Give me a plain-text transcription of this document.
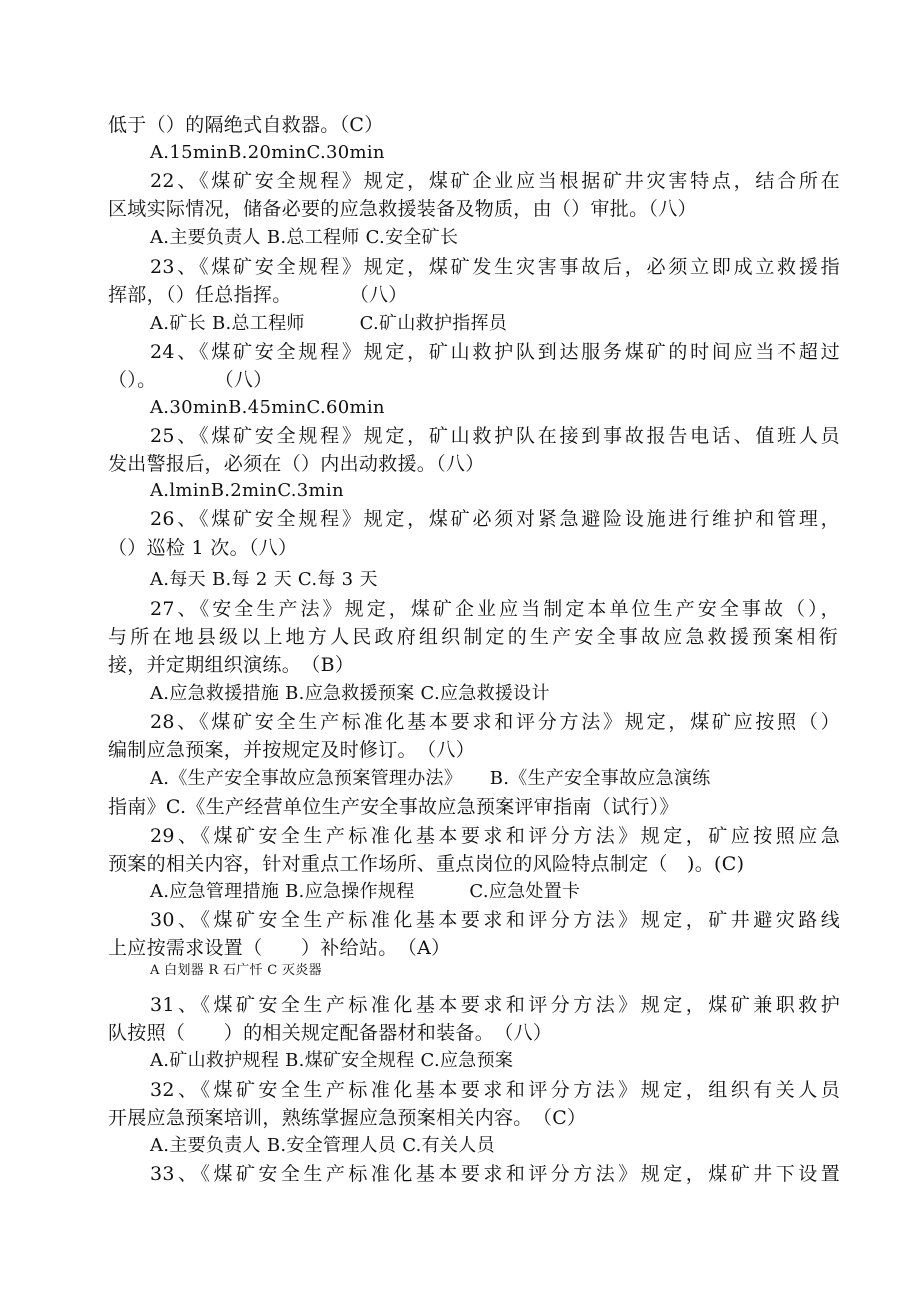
低于（）的隔绝式自救器。（C）
A.15minB.20minC.30min
22、《煤矿安全规程》规定，煤矿企业应当根据矿井灾害特点，结合所在
区域实际情况，储备必要的应急救援装备及物质，由（）审批。（八）
A.主要负责人 B.总工程师 C.安全矿长
23、《煤矿安全规程》规定，煤矿发生灾害事故后，必须立即成立救援指
挥部，（）任总指挥。　　　　（八）
A.矿长 B.总工程师　　　C.矿山救护指挥员
24、《煤矿安全规程》规定，矿山救护队到达服务煤矿的时间应当不超过
（）。　　　　（八）
A.30minB.45minC.60min
25、《煤矿安全规程》规定，矿山救护队在接到事故报告电话、值班人员
发出警报后，必须在（）内出动救援。（八）
A.lminB.2minC.3min
26、《煤矿安全规程》规定，煤矿必须对紧急避险设施进行维护和管理，
（）巡检 1 次。（八）
A.每天 B.每 2 天 C.每 3 天
27、《安全生产法》规定，煤矿企业应当制定本单位生产安全事故（），
与所在地县级以上地方人民政府组织制定的生产安全事故应急救援预案相衔
接，并定期组织演练。　（B）
A.应急救援措施 B.应急救援预案 C.应急救援设计
28、《煤矿安全生产标准化基本要求和评分方法》规定，煤矿应按照（）
编制应急预案，并按规定及时修订。　（八）
A.《生产安全事故应急预案管理办法》　　B.《生产安全事故应急演练
指南》C.《生产经营单位生产安全事故应急预案评审指南（试行）》
29、《煤矿安全生产标准化基本要求和评分方法》规定，矿应按照应急
预案的相关内容，针对重点工作场所、重点岗位的风险特点制定（　)。(C)
A.应急管理措施 B.应急操作规程　　　C.应急处置卡
30、《煤矿安全生产标准化基本要求和评分方法》规定，矿井避灾路线
上应按需求设置（　　）补给站。　（A）
A 白划器 R 石广忏 C 灭炎器
31、《煤矿安全生产标准化基本要求和评分方法》规定，煤矿兼职救护
队按照（　　）的相关规定配备器材和装备。　（八）
A.矿山救护规程 B.煤矿安全规程 C.应急预案
32、《煤矿安全生产标准化基本要求和评分方法》规定，组织有关人员
开展应急预案培训，熟练掌握应急预案相关内容。　（C）
A.主要负责人 B.安全管理人员 C.有关人员
33、《煤矿安全生产标准化基本要求和评分方法》规定，煤矿井下设置
